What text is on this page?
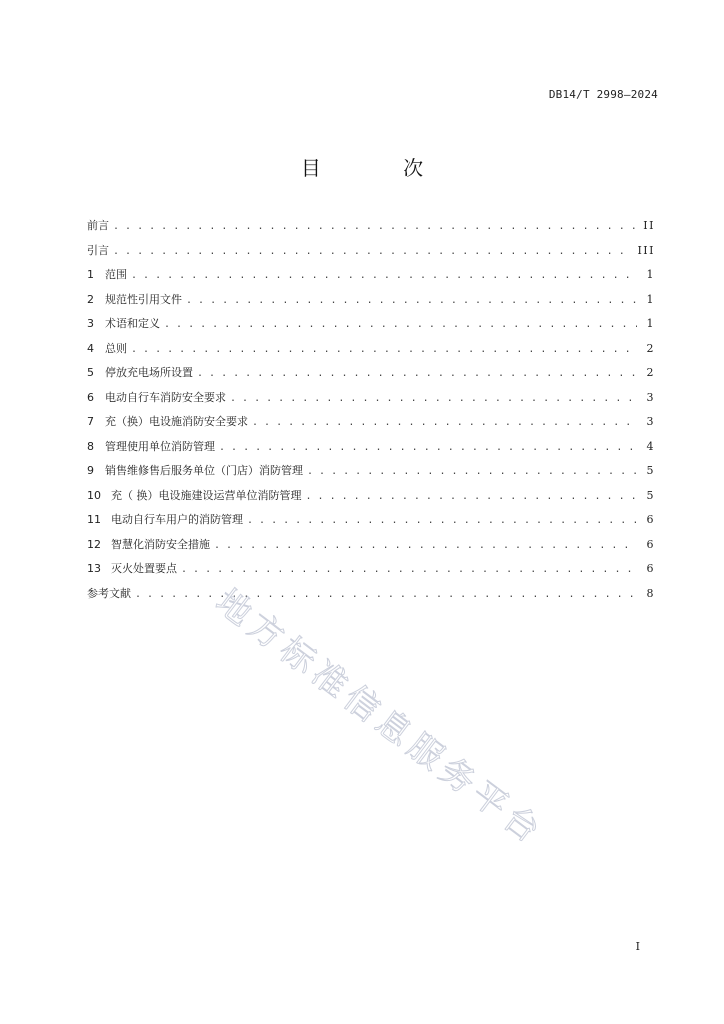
DB14/T 2998—2024
目 次
前言 . . .	II
引言 . . .	III
1	范围 . . .	1
2	规范性引用文件 . . .	1
3	术语和定义 . . .	1
4	总则 . . .	2
5	停放充电场所设置 . . .	2
6	电动自行车消防安全要求 . . .	3
7	充（换）电设施消防安全要求 . . .	3
8	管理使用单位消防管理 . . .	4
9	销售维修售后服务单位（门店）消防管理 . . .	5
10 充（ 换）电设施建设运营单位消防管理 . . .	5
11 电动自行车用户的消防管理 . . .	6
12 智慧化消防安全措施 . . .	6
13 灭火处置要点 . . .	6
参考文献 . . .	8
地方标准信息服务平台
I
